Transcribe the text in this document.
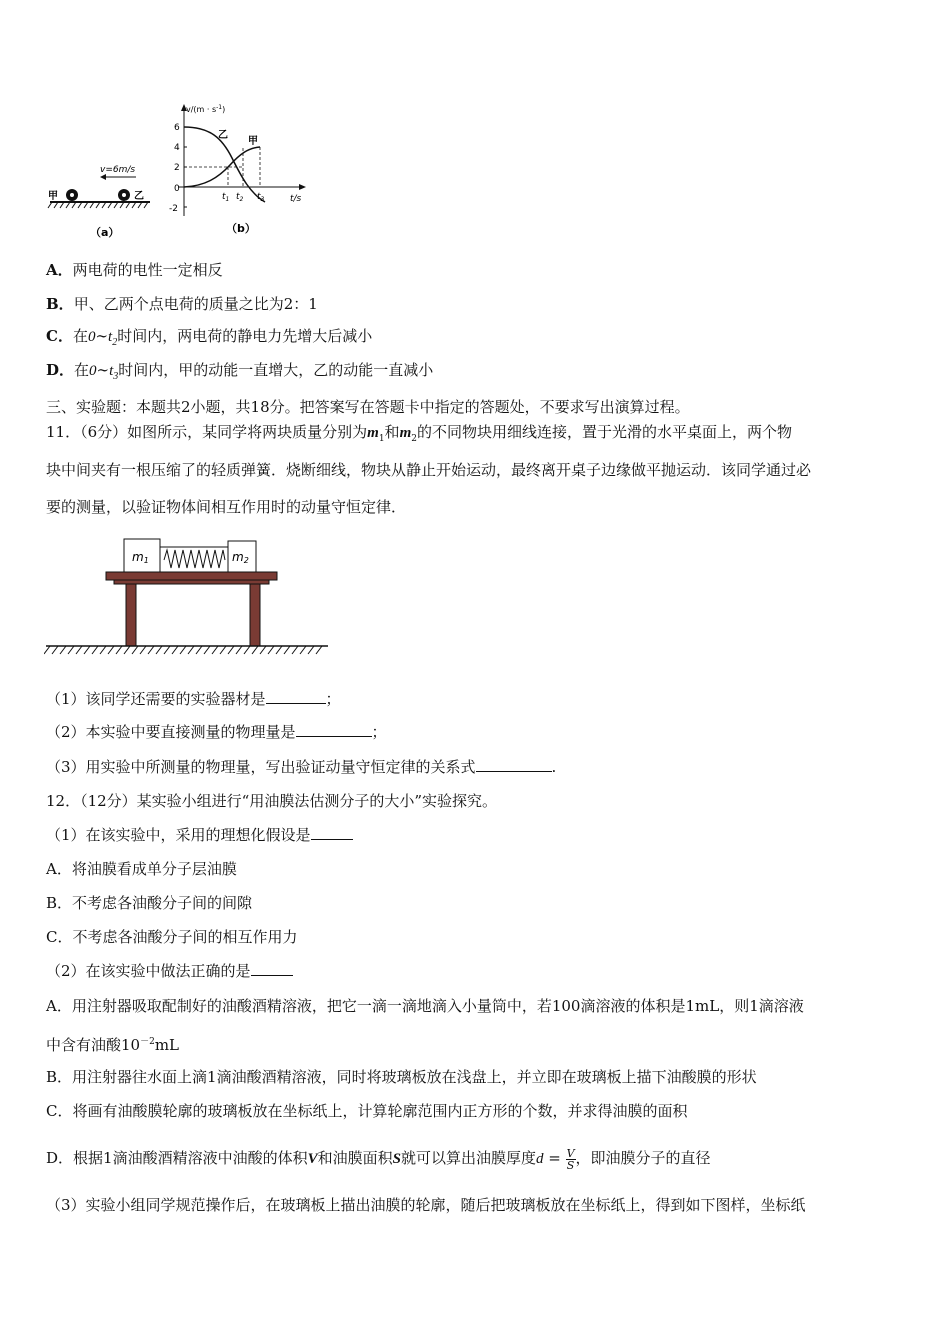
甲	乙
v=6m/s
（a）
$v/(m \cdot s^{-1})$
t/s
6
4
2
0
-2
乙
甲
$t_1$ $t_2$ $t_3$
（b）
A．两电荷的电性一定相反
B．甲、乙两个点电荷的质量之比为2：1
C．在$0\sim t_2$时间内，两电荷的静电力先增大后减小
D．在$0\sim t_3$时间内，甲的动能一直增大，乙的动能一直减小
三、实验题：本题共2小题，共18分。把答案写在答题卡中指定的答题处，不要求写出演算过程。
11．（6分）如图所示，某同学将两块质量分别为$m_1$和$m_2$的不同物块用细线连接，置于光滑的水平桌面上，两个物
块中间夹有一根压缩了的轻质弹簧．烧断细线，物块从静止开始运动，最终离开桌子边缘做平抛运动．该同学通过必
要的测量，以验证物体间相互作用时的动量守恒定律．
m1	m2
（1）该同学还需要的实验器材是	；
（2）本实验中要直接测量的物理量是	；
（3）用实验中所测量的物理量，写出验证动量守恒定律的关系式	.
12．（12分）某实验小组进行“用油膜法估测分子的大小”实验探究。
（1）在该实验中，采用的理想化假设是
A．将油膜看成单分子层油膜
B．不考虑各油酸分子间的间隙
C．不考虑各油酸分子间的相互作用力
（2）在该实验中做法正确的是
A．用注射器吸取配制好的油酸酒精溶液，把它一滴一滴地滴入小量筒中，若100滴溶液的体积是1mL，则1滴溶液
中含有油酸$10^{-2}mL$
B．用注射器往水面上滴1滴油酸酒精溶液，同时将玻璃板放在浅盘上，并立即在玻璃板上描下油酸膜的形状
C．将画有油酸膜轮廓的玻璃板放在坐标纸上，计算轮廓范围内正方形的个数，并求得油膜的面积
D．根据1滴油酸酒精溶液中油酸的体积V和油膜面积S就可以算出油膜厚度$d = \frac{V}{S}$ ，即油膜分子的直径
（3）实验小组同学规范操作后，在玻璃板上描出油膜的轮廓，随后把玻璃板放在坐标纸上，得到如下图样，坐标纸
